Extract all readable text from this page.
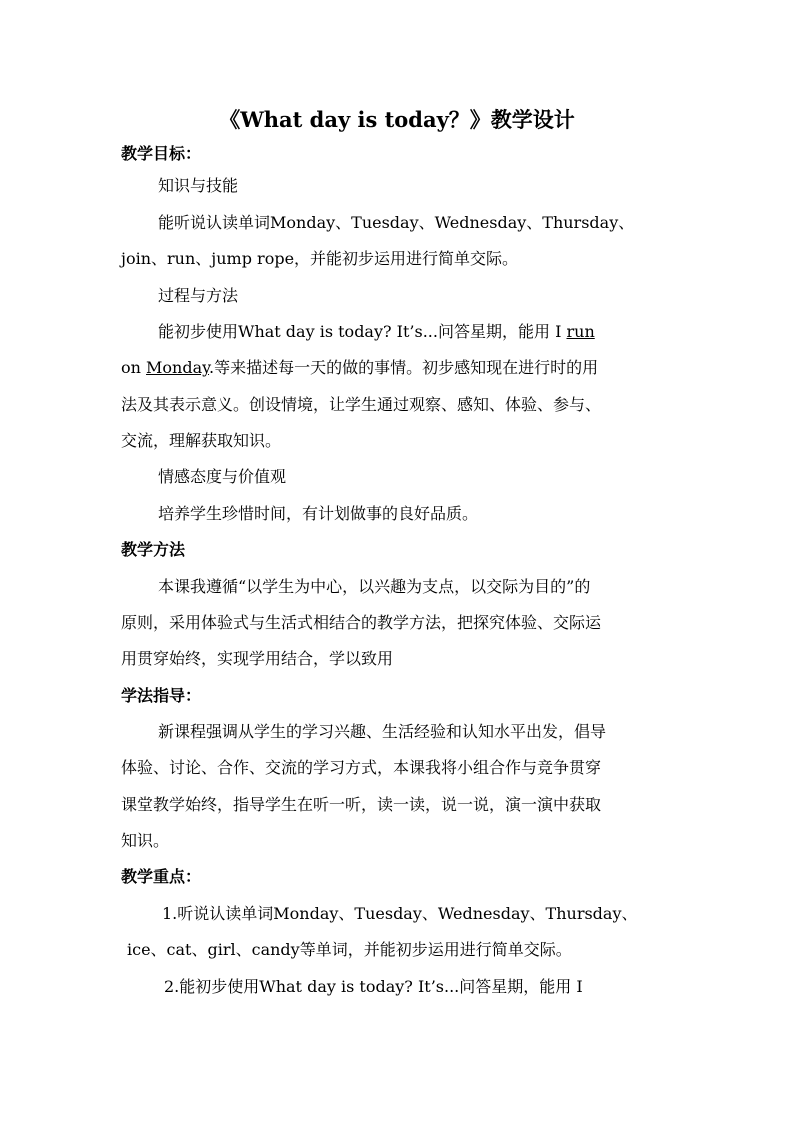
《What day is today？》教学设计

教学目标：

知识与技能

能听说认读单词Monday、Tuesday、Wednesday、Thursday、

join、run、jump rope，并能初步运用进行简单交际。

过程与方法

能初步使用What day is today? It’s...问答星期，能用 I run

on Monday.等来描述每一天的做的事情。初步感知现在进行时的用

法及其表示意义。创设情境，让学生通过观察、感知、体验、参与、

交流，理解获取知识。

情感态度与价值观

培养学生珍惜时间，有计划做事的良好品质。

教学方法

本课我遵循“以学生为中心，以兴趣为支点，以交际为目的”的

原则，采用体验式与生活式相结合的教学方法，把探究体验、交际运

用贯穿始终，实现学用结合，学以致用

学法指导：

新课程强调从学生的学习兴趣、生活经验和认知水平出发，倡导

体验、讨论、合作、交流的学习方式，本课我将小组合作与竞争贯穿

课堂教学始终，指导学生在听一听，读一读，说一说，演一演中获取

知识。

教学重点：

1.听说认读单词Monday、Tuesday、Wednesday、Thursday、

ice、cat、girl、candy等单词，并能初步运用进行简单交际。

2.能初步使用What day is today? It’s...问答星期，能用 I
